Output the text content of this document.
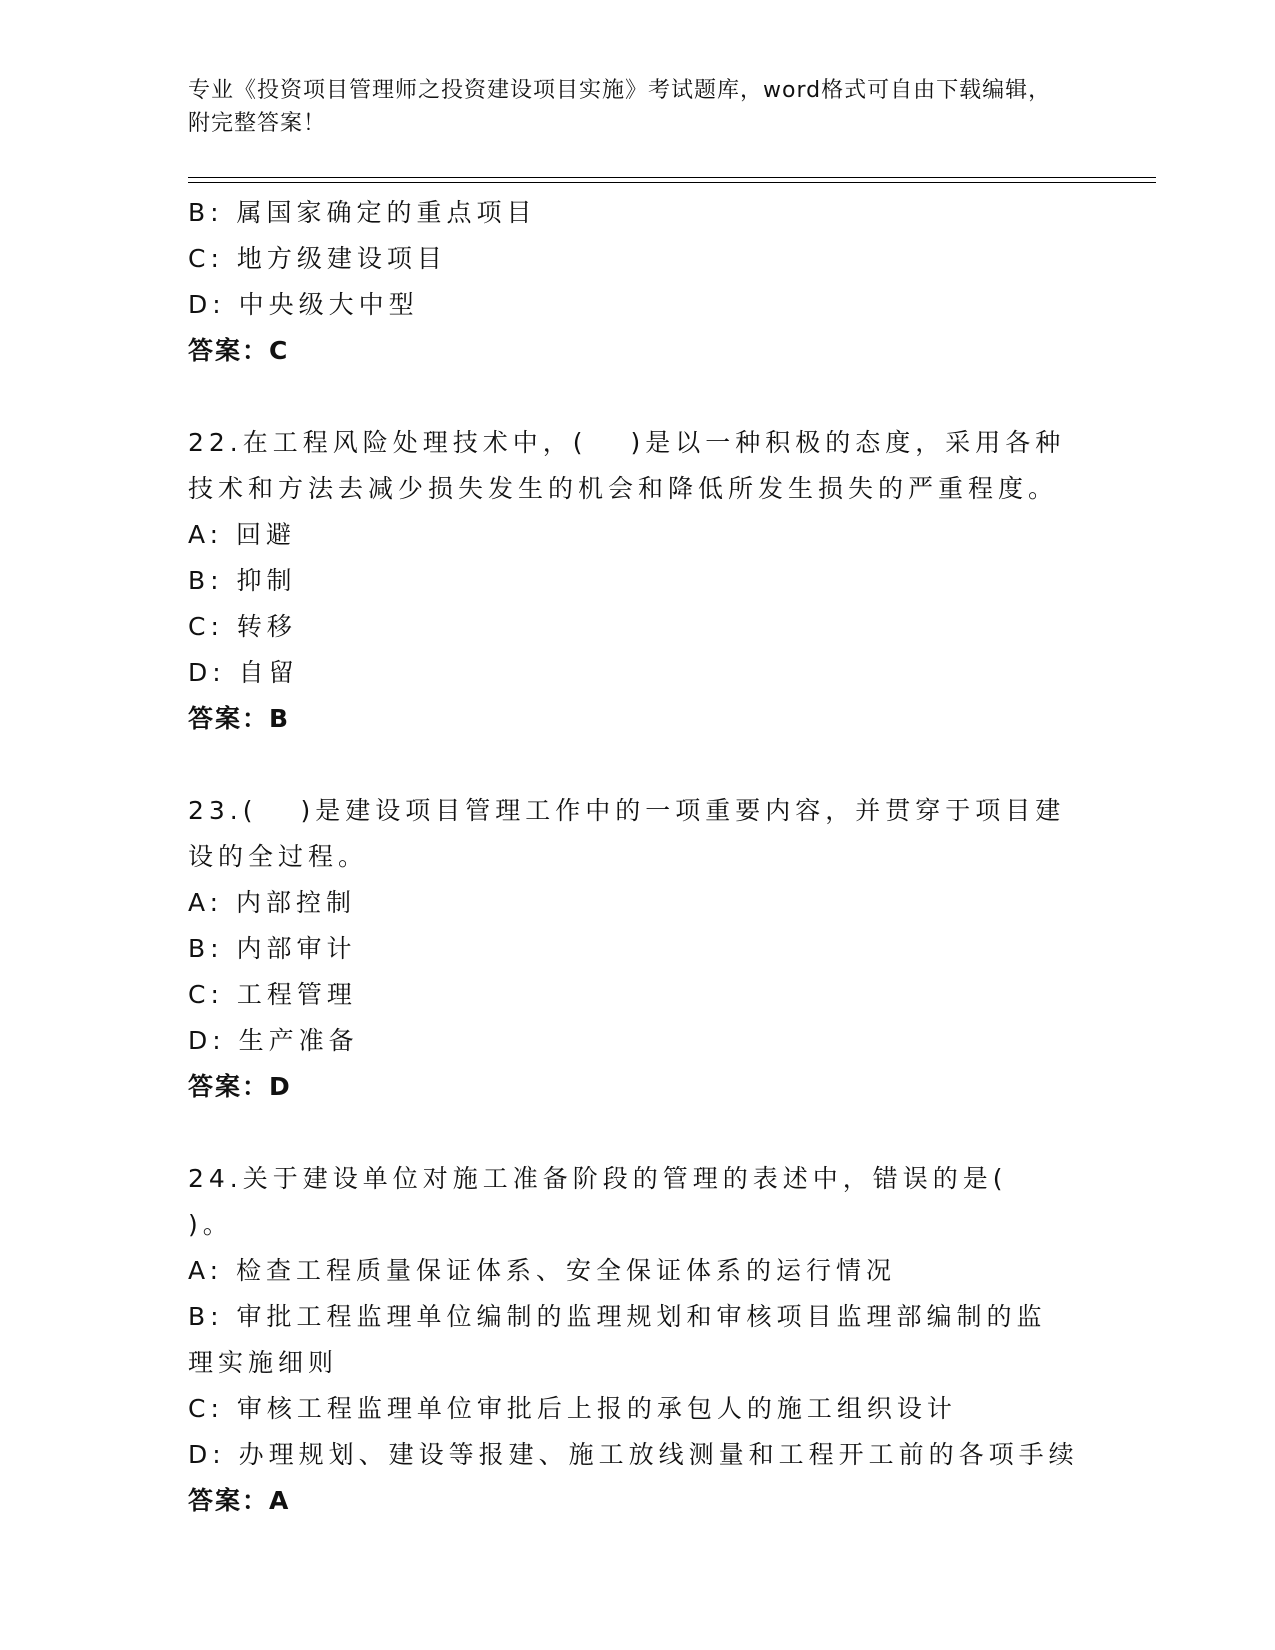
专业《投资项目管理师之投资建设项目实施》考试题库，word格式可自由下载编辑，附完整答案！
B: 属国家确定的重点项目
C: 地方级建设项目
D: 中央级大中型
答案：C
22.在工程风险处理技术中，(　 )是以一种积极的态度，采用各种技术和方法去减少损失发生的机会和降低所发生损失的严重程度。
A: 回避
B: 抑制
C: 转移
D: 自留
答案：B
23.(　 )是建设项目管理工作中的一项重要内容，并贯穿于项目建设的全过程。
A: 内部控制
B: 内部审计
C: 工程管理
D: 生产准备
答案：D
24.关于建设单位对施工准备阶段的管理的表述中，错误的是(　 )。
A: 检查工程质量保证体系、安全保证体系的运行情况
B: 审批工程监理单位编制的监理规划和审核项目监理部编制的监理实施细则
C: 审核工程监理单位审批后上报的承包人的施工组织设计
D: 办理规划、建设等报建、施工放线测量和工程开工前的各项手续
答案：A
